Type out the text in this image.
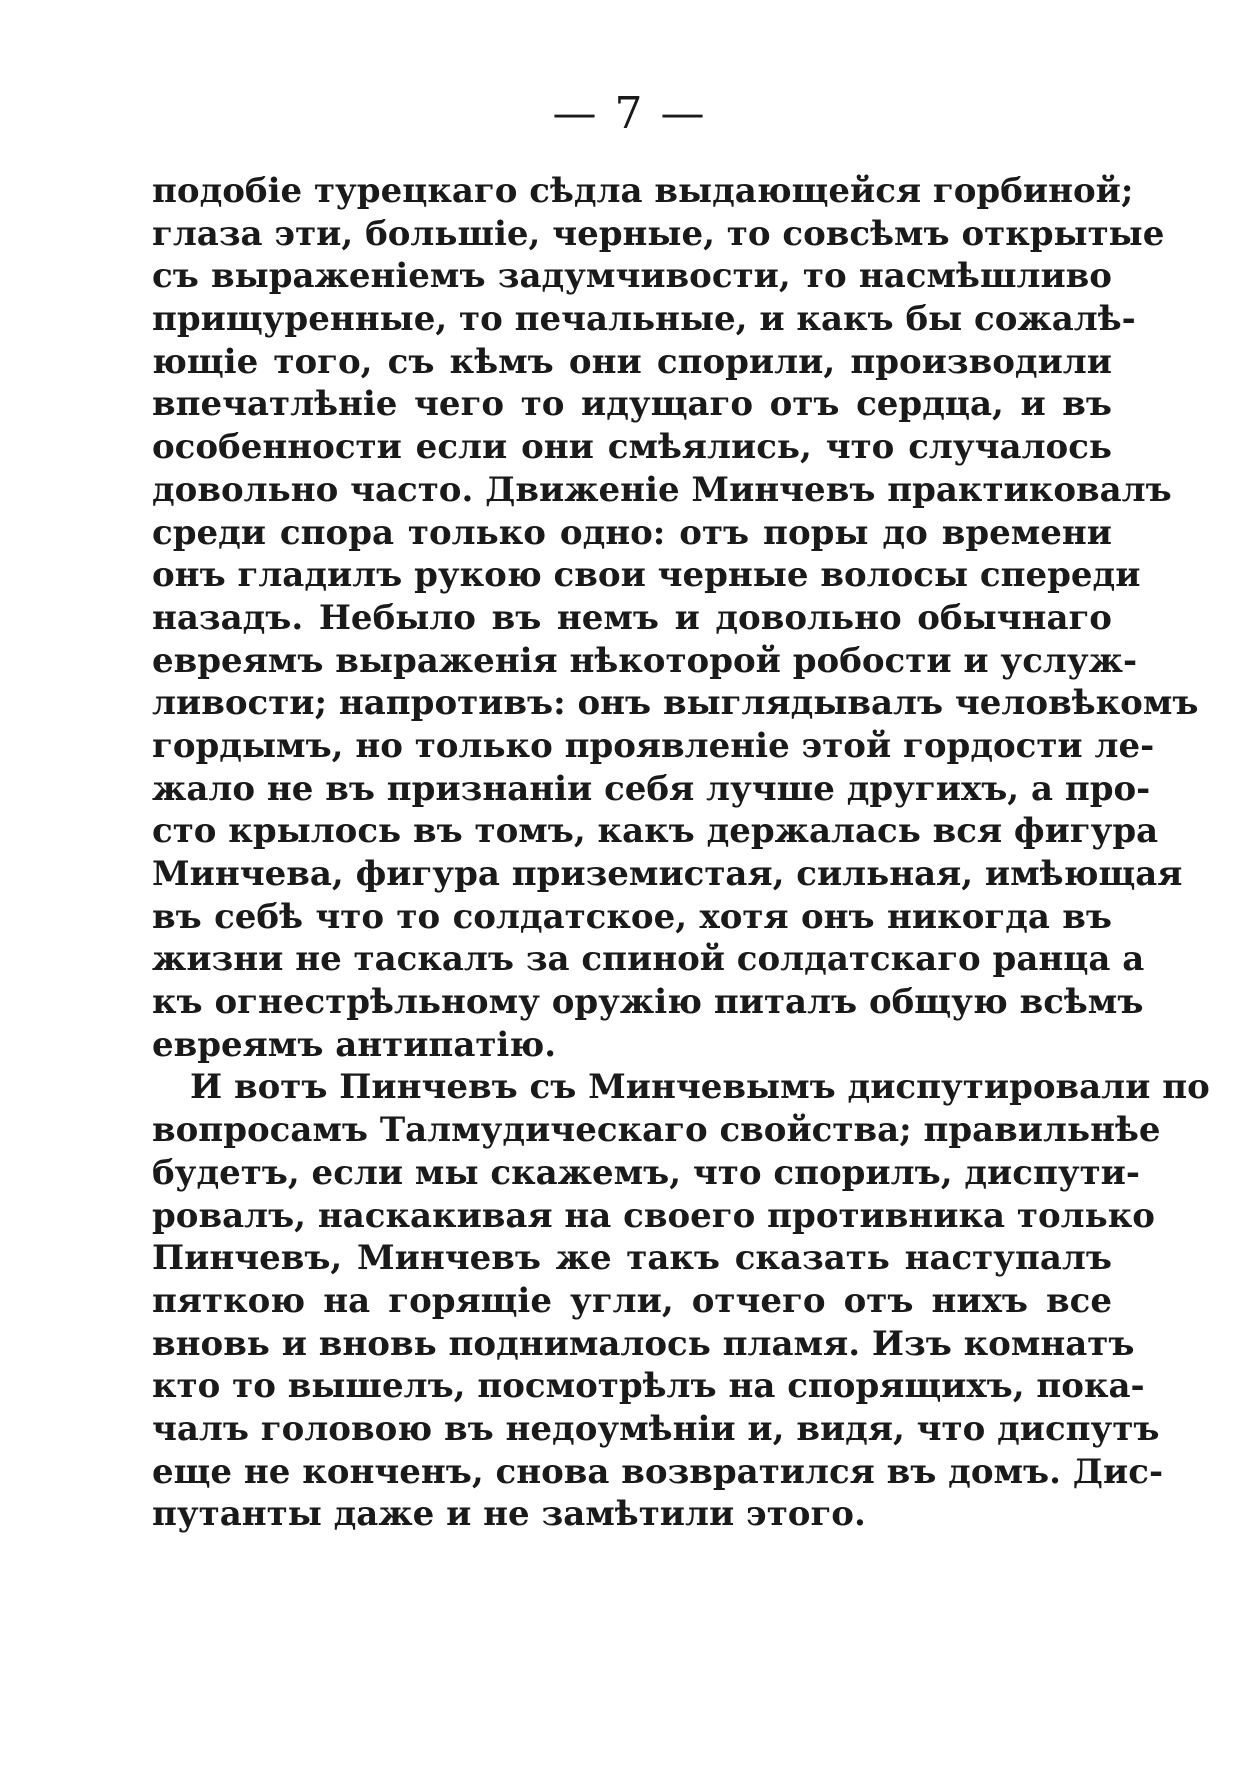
— 7 —
подобіе турецкаго сѣдла выдающейся горбиной;
глаза эти, большіе, черные, то совсѣмъ открытые
съ выраженіемъ задумчивости, то насмѣшливо
прищуренные, то печальные, и какъ бы сожалѣ-
ющіе того, съ кѣмъ они спорили, производили
впечатлѣніе чего то идущаго отъ сердца, и въ
особенности если они смѣялись, что случалось
довольно часто. Движеніе Минчевъ практиковалъ
среди спора только одно: отъ поры до времени
онъ гладилъ рукою свои черные волосы спереди
назадъ. Небыло въ немъ и довольно обычнаго
евреямъ выраженія нѣкоторой робости и услуж-
ливости; напротивъ: онъ выглядывалъ человѣкомъ
гордымъ, но только проявленіе этой гордости ле-
жало не въ признаніи себя лучше другихъ, а про-
сто крылось въ томъ, какъ держалась вся фигура
Минчева, фигура приземистая, сильная, имѣющая
въ себѣ что то солдатское, хотя онъ никогда въ
жизни не таскалъ за спиной солдатскаго ранца а
къ огнестрѣльному оружію питалъ общую всѣмъ
евреямъ антипатію.
И вотъ Пинчевъ съ Минчевымъ диспутировали по
вопросамъ Талмудическаго свойства; правильнѣе
будетъ, если мы скажемъ, что спорилъ, диспути-
ровалъ, наскакивая на своего противника только
Пинчевъ, Минчевъ же такъ сказать наступалъ
пяткою на горящіе угли, отчего отъ нихъ все
вновь и вновь поднималось пламя. Изъ комнатъ
кто то вышелъ, посмотрѣлъ на спорящихъ, пока-
чалъ головою въ недоумѣніи и, видя, что диспутъ
еще не конченъ, снова возвратился въ домъ. Дис-
путанты даже и не замѣтили этого.
